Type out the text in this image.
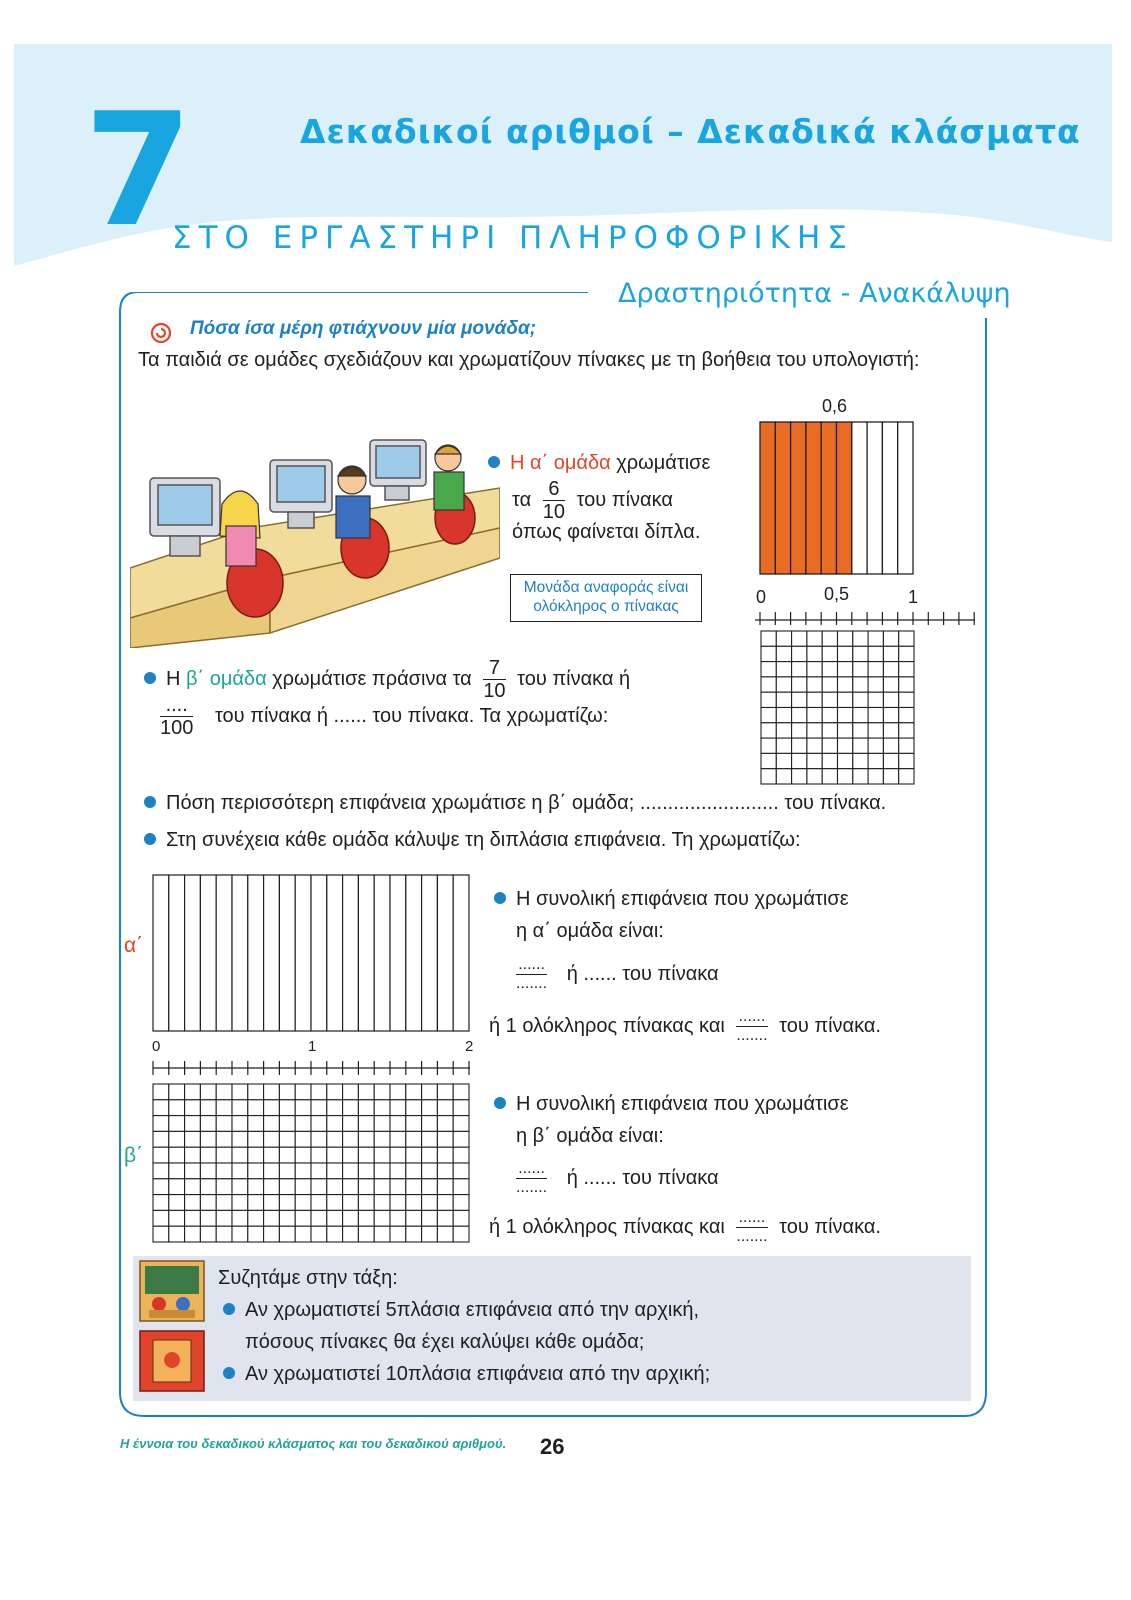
7	Δεκαδικοί αριθμοί – Δεκαδικά κλάσματα
ΣΤΟ ΕΡΓΑΣΤΗΡΙ ΠΛΗΡΟΦΟΡΙΚΗΣ
Δραστηριότητα - Ανακάλυψη
Πόσα ίσα μέρη φτιάχνουν μία μονάδα;
Τα παιδιά σε ομάδες σχεδιάζουν και χρωματίζουν πίνακες με τη βοήθεια του υπολογιστή:
Η α΄ ομάδα χρωμάτισε
τα $\frac{6}{10}$ του πίνακα
όπως φαίνεται δίπλα.
Μονάδα αναφοράς είναι
ολόκληρος ο πίνακας
0,6
0	0,5	1
Η β΄ ομάδα χρωμάτισε πράσινα τα $\frac{7}{10}$ του πίνακα ή
$\frac{....}{100}$ του πίνακα ή ...... του πίνακα. Τα χρωματίζω:
Πόση περισσότερη επιφάνεια χρωμάτισε η β΄ ομάδα; ......................... του πίνακα.
Στη συνέχεια κάθε ομάδα κάλυψε τη διπλάσια επιφάνεια. Τη χρωματίζω:
α΄
0	1	2
β΄
Η συνολική επιφάνεια που χρωμάτισε
η α΄ ομάδα είναι:
$\frac{......}{.......}$ ή ...... του πίνακα
ή 1 ολόκληρος πίνακας και $\frac{......}{.......}$ του πίνακα.
Η συνολική επιφάνεια που χρωμάτισε
η β΄ ομάδα είναι:
$\frac{......}{.......}$ ή ...... του πίνακα
ή 1 ολόκληρος πίνακας και $\frac{......}{.......}$ του πίνακα.
Συζητάμε στην τάξη:
Αν χρωματιστεί 5πλάσια επιφάνεια από την αρχική,
πόσους πίνακες θα έχει καλύψει κάθε ομάδα;
Αν χρωματιστεί 10πλάσια επιφάνεια από την αρχική;
Η έννοια του δεκαδικού κλάσματος και του δεκαδικού αριθμού. 26
